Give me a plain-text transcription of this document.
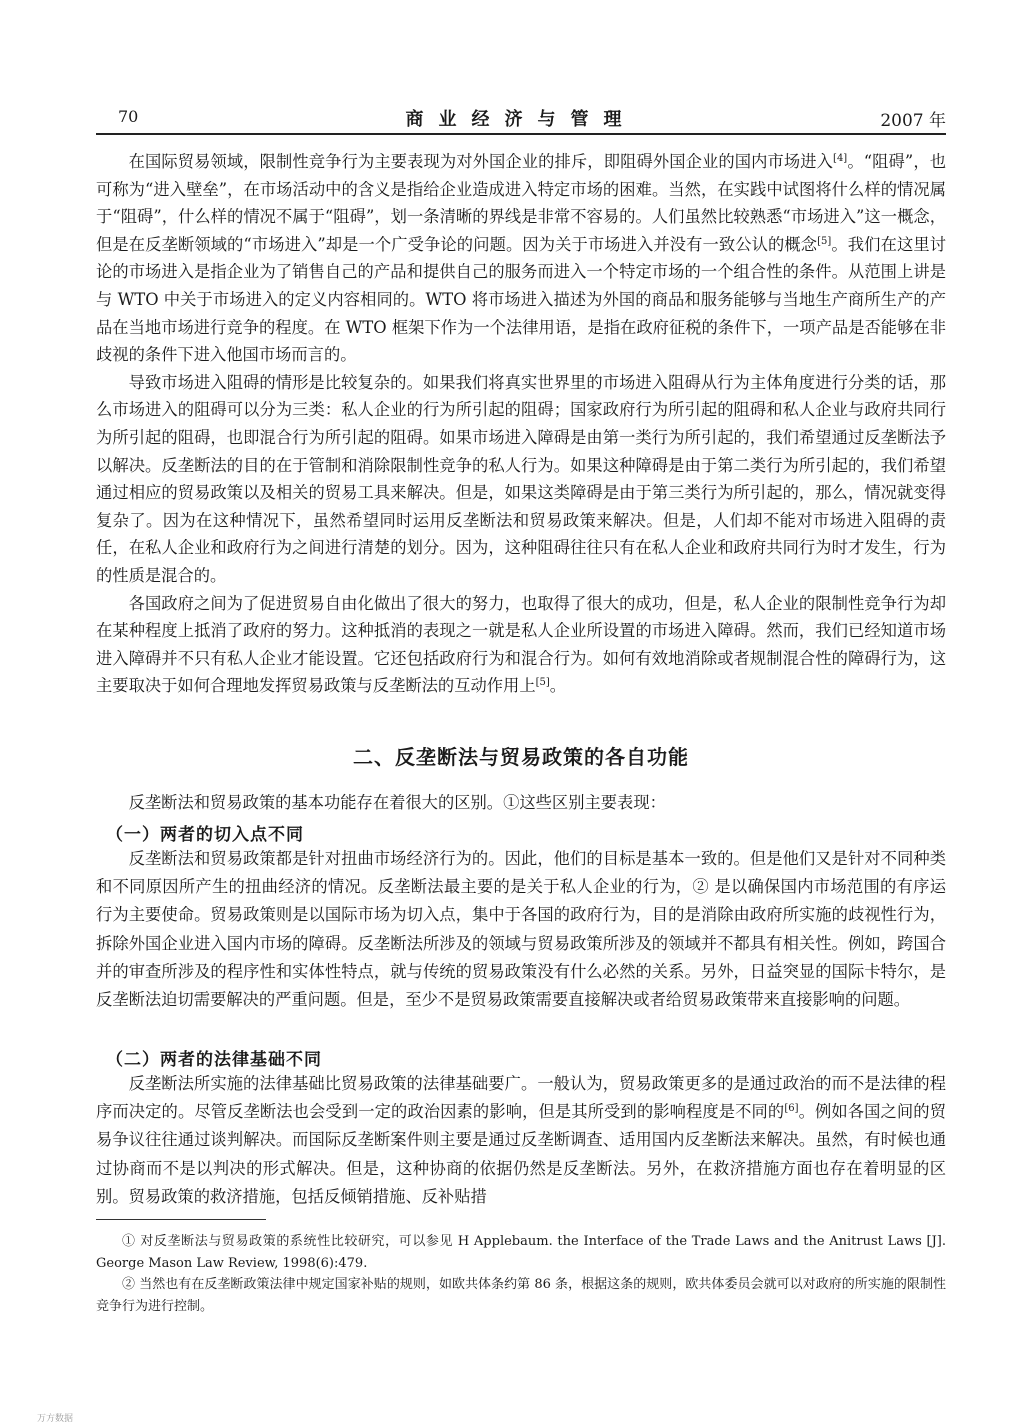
70	商业经济与管理	2007 年

在国际贸易领域，限制性竞争行为主要表现为对外国企业的排斥，即阻碍外国企业的国内市场进入[4]。“阻碍”，也可称为“进入壁垒”，在市场活动中的含义是指给企业造成进入特定市场的困难。当然，在实践中试图将什么样的情况属于“阻碍”，什么样的情况不属于“阻碍”，划一条清晰的界线是非常不容易的。人们虽然比较熟悉“市场进入”这一概念，但是在反垄断领域的“市场进入”却是一个广受争论的问题。因为关于市场进入并没有一致公认的概念[5]。我们在这里讨论的市场进入是指企业为了销售自己的产品和提供自己的服务而进入一个特定市场的一个组合性的条件。从范围上讲是与 WTO 中关于市场进入的定义内容相同的。WTO 将市场进入描述为外国的商品和服务能够与当地生产商所生产的产品在当地市场进行竞争的程度。在 WTO 框架下作为一个法律用语，是指在政府征税的条件下，一项产品是否能够在非歧视的条件下进入他国市场而言的。

导致市场进入阻碍的情形是比较复杂的。如果我们将真实世界里的市场进入阻碍从行为主体角度进行分类的话，那么市场进入的阻碍可以分为三类：私人企业的行为所引起的阻碍；国家政府行为所引起的阻碍和私人企业与政府共同行为所引起的阻碍，也即混合行为所引起的阻碍。如果市场进入障碍是由第一类行为所引起的，我们希望通过反垄断法予以解决。反垄断法的目的在于管制和消除限制性竞争的私人行为。如果这种障碍是由于第二类行为所引起的，我们希望通过相应的贸易政策以及相关的贸易工具来解决。但是，如果这类障碍是由于第三类行为所引起的，那么，情况就变得复杂了。因为在这种情况下，虽然希望同时运用反垄断法和贸易政策来解决。但是，人们却不能对市场进入阻碍的责任，在私人企业和政府行为之间进行清楚的划分。因为，这种阻碍往往只有在私人企业和政府共同行为时才发生，行为的性质是混合的。

各国政府之间为了促进贸易自由化做出了很大的努力，也取得了很大的成功，但是，私人企业的限制性竞争行为却在某种程度上抵消了政府的努力。这种抵消的表现之一就是私人企业所设置的市场进入障碍。然而，我们已经知道市场进入障碍并不只有私人企业才能设置。它还包括政府行为和混合行为。如何有效地消除或者规制混合性的障碍行为，这主要取决于如何合理地发挥贸易政策与反垄断法的互动作用上[5]。

二、反垄断法与贸易政策的各自功能

反垄断法和贸易政策的基本功能存在着很大的区别。①这些区别主要表现：

（一）两者的切入点不同

反垄断法和贸易政策都是针对扭曲市场经济行为的。因此，他们的目标是基本一致的。但是他们又是针对不同种类和不同原因所产生的扭曲经济的情况。反垄断法最主要的是关于私人企业的行为，② 是以确保国内市场范围的有序运行为主要使命。贸易政策则是以国际市场为切入点，集中于各国的政府行为，目的是消除由政府所实施的歧视性行为，拆除外国企业进入国内市场的障碍。反垄断法所涉及的领域与贸易政策所涉及的领域并不都具有相关性。例如，跨国合并的审查所涉及的程序性和实体性特点，就与传统的贸易政策没有什么必然的关系。另外，日益突显的国际卡特尔，是反垄断法迫切需要解决的严重问题。但是，至少不是贸易政策需要直接解决或者给贸易政策带来直接影响的问题。

（二）两者的法律基础不同

反垄断法所实施的法律基础比贸易政策的法律基础要广。一般认为，贸易政策更多的是通过政治的而不是法律的程序而决定的。尽管反垄断法也会受到一定的政治因素的影响，但是其所受到的影响程度是不同的[6]。例如各国之间的贸易争议往往通过谈判解决。而国际反垄断案件则主要是通过反垄断调查、适用国内反垄断法来解决。虽然，有时候也通过协商而不是以判决的形式解决。但是，这种协商的依据仍然是反垄断法。另外，在救济措施方面也存在着明显的区别。贸易政策的救济措施，包括反倾销措施、反补贴措

① 对反垄断法与贸易政策的系统性比较研究，可以参见 H Applebaum. the Interface of the Trade Laws and the Anitrust Laws [J]. George Mason Law Review, 1998(6):479.

② 当然也有在反垄断政策法律中规定国家补贴的规则，如欧共体条约第 86 条，根据这条的规则，欧共体委员会就可以对政府的所实施的限制性竞争行为进行控制。

万方数据
